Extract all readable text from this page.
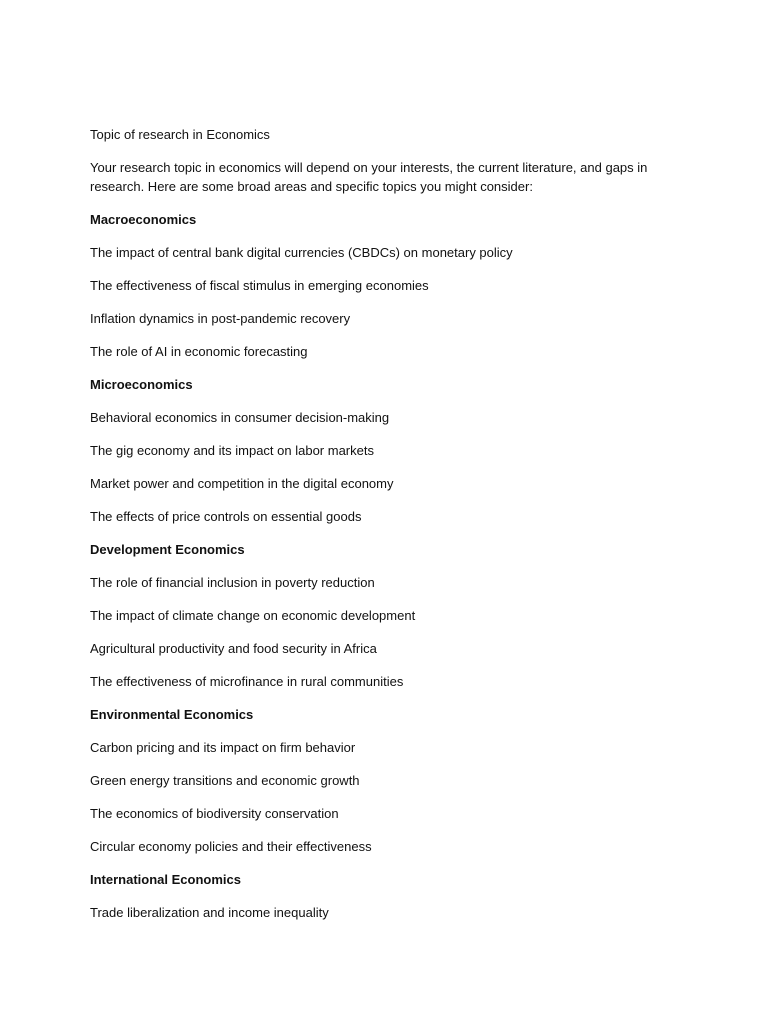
Topic of research in Economics

Your research topic in economics will depend on your interests, the current literature, and gaps in research. Here are some broad areas and specific topics you might consider:

Macroeconomics

The impact of central bank digital currencies (CBDCs) on monetary policy

The effectiveness of fiscal stimulus in emerging economies

Inflation dynamics in post-pandemic recovery

The role of AI in economic forecasting

Microeconomics

Behavioral economics in consumer decision-making

The gig economy and its impact on labor markets

Market power and competition in the digital economy

The effects of price controls on essential goods

Development Economics

The role of financial inclusion in poverty reduction

The impact of climate change on economic development

Agricultural productivity and food security in Africa

The effectiveness of microfinance in rural communities

Environmental Economics

Carbon pricing and its impact on firm behavior

Green energy transitions and economic growth

The economics of biodiversity conservation

Circular economy policies and their effectiveness

International Economics

Trade liberalization and income inequality
